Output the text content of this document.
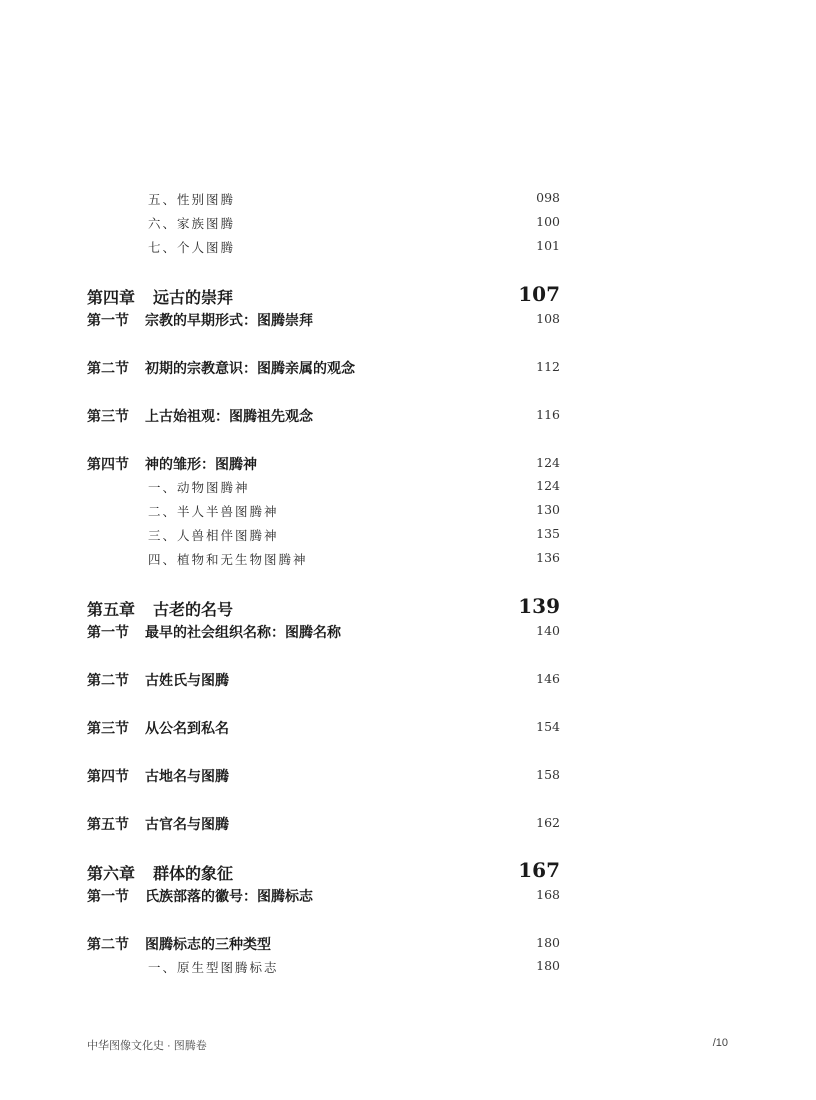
五、性别图腾	098
六、家族图腾	100
七、个人图腾	101
第四章 远古的崇拜	107
第一节 宗教的早期形式：图腾崇拜	108
第二节 初期的宗教意识：图腾亲属的观念	112
第三节 上古始祖观：图腾祖先观念	116
第四节 神的雏形：图腾神	124
一、动物图腾神	124
二、半人半兽图腾神	130
三、人兽相伴图腾神	135
四、植物和无生物图腾神	136
第五章 古老的名号	139
第一节 最早的社会组织名称：图腾名称	140
第二节 古姓氏与图腾	146
第三节 从公名到私名	154
第四节 古地名与图腾	158
第五节 古官名与图腾	162
第六章 群体的象征	167
第一节 氏族部落的徽号：图腾标志	168
第二节 图腾标志的三种类型	180
一、原生型图腾标志	180
中华图像文化史 · 图腾卷	/10
